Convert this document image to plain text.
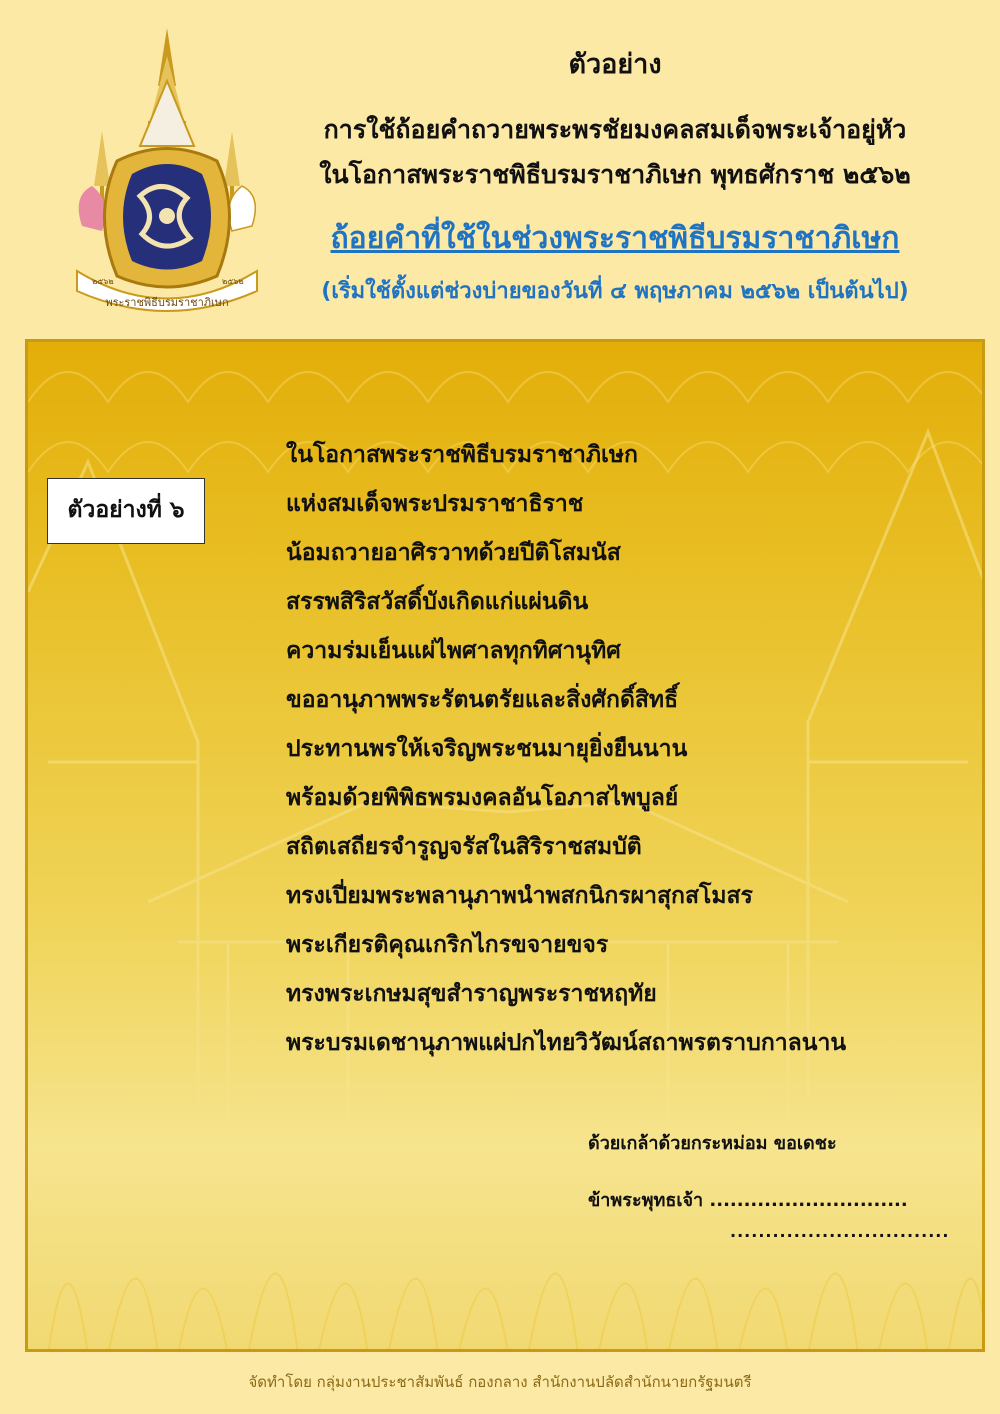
พระราชพิธีบรมราชาภิเษก
๒๕๖๒	๒๕๖๒
ตัวอย่าง
การใช้ถ้อยคำถวายพระพรชัยมงคลสมเด็จพระเจ้าอยู่หัว
ในโอกาสพระราชพิธีบรมราชาภิเษก พุทธศักราช ๒๕๖๒
ถ้อยคำที่ใช้ในช่วงพระราชพิธีบรมราชาภิเษก
(เริ่มใช้ตั้งแต่ช่วงบ่ายของวันที่ ๔ พฤษภาคม ๒๕๖๒ เป็นต้นไป)
ตัวอย่างที่ ๖
ในโอกาสพระราชพิธีบรมราชาภิเษก
แห่งสมเด็จพระปรมราชาธิราช
น้อมถวายอาศิรวาทด้วยปีติโสมนัส
สรรพสิริสวัสดิ์บังเกิดแก่แผ่นดิน
ความร่มเย็นแผ่ไพศาลทุกทิศานุทิศ
ขออานุภาพพระรัตนตรัยและสิ่งศักดิ์สิทธิ์
ประทานพรให้เจริญพระชนมายุยิ่งยืนนาน
พร้อมด้วยพิพิธพรมงคลอันโอภาสไพบูลย์
สถิตเสถียรจำรูญจรัสในสิริราชสมบัติ
ทรงเปี่ยมพระพลานุภาพนำพสกนิกรผาสุกสโมสร
พระเกียรติคุณเกริกไกรขจายขจร
ทรงพระเกษมสุขสำราญพระราชหฤทัย
พระบรมเดชานุภาพแผ่ปกไทยวิวัฒน์สถาพรตราบกาลนาน
ด้วยเกล้าด้วยกระหม่อม ขอเดชะ
ข้าพระพุทธเจ้า .............................
...............................
จัดทำโดย กลุ่มงานประชาสัมพันธ์ กองกลาง สำนักงานปลัดสำนักนายกรัฐมนตรี
